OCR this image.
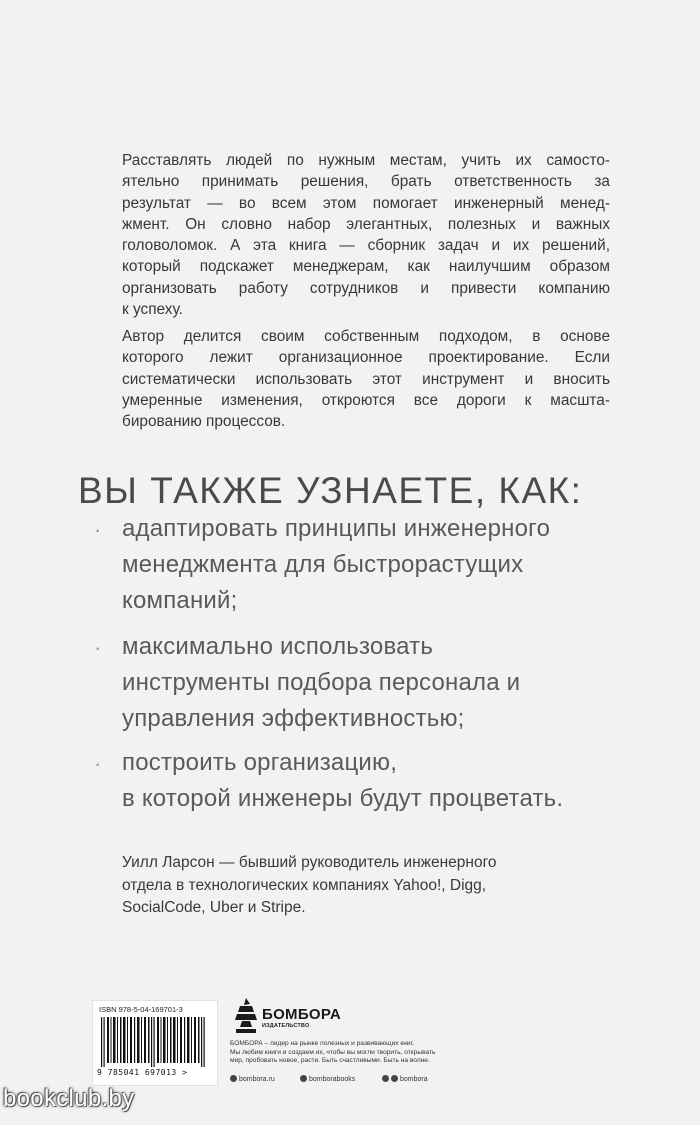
Расставлять людей по нужным местам, учить их самосто-
ятельно принимать решения, брать ответственность за
результат — во всем этом помогает инженерный менед-
жмент. Он словно набор элегантных, полезных и важных
головоломок. А эта книга — сборник задач и их решений,
который подскажет менеджерам, как наилучшим образом
организовать работу сотрудников и привести компанию
к успеху.
Автор делится своим собственным подходом, в основе
которого лежит организационное проектирование. Если
систематически использовать этот инструмент и вносить
умеренные изменения, откроются все дороги к масшта-
бированию процессов.
ВЫ ТАКЖЕ УЗНАЕТЕ, КАК:
· адаптировать принципы инженерного
менеджмента для быстрорастущих
компаний;
· максимально использовать
инструменты подбора персонала и
управления эффективностью;
· построить организацию,
в которой инженеры будут процветать.
Уилл Ларсон — бывший руководитель инженерного
отдела в технологических компаниях Yahoo!, Digg,
SocialCode, Uber и Stripe.
ISBN 978-5-04-169701-3
9 785041 697013 >
БОМБОРА
ИЗДАТЕЛЬСТВО
БОМБОРА – лидер на рынке полезных и развивающих книг.
Мы любим книги и создаем их, чтобы вы могли творить, открывать
мир, пробовать новое, расти. Быть счастливыми. Быть на волне.
bombora.ru	bomborabooks	bombora
bookclub.by
